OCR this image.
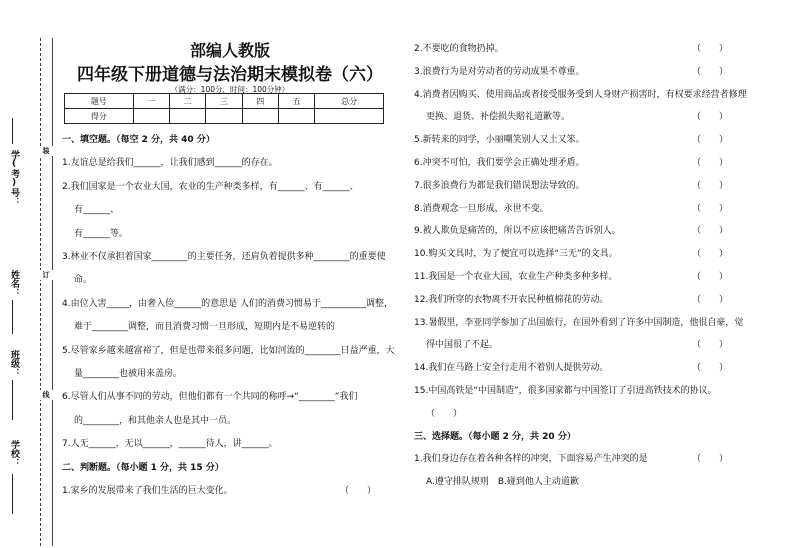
装
订
线
学(考)号：
姓名：
班级：
学校：
部编人教版
四年级下册道德与法治期末模拟卷（六）
（满分：100分，时间：100分钟）
题号	一	二	三	四	五	总分
得分						
一、填空题。（每空 2 分，共 40 分）
1.友谊总是给我们______，让我们感到______的存在。
2.我们国家是一个农业大国，农业的生产种类多样，有______、有______、
有______、
有______等。
3.林业不仅承担着国家________的主要任务，还肩负着提供多种________的重要使
命。
4.由位入害_____，由奢入俭______的意思是 人们的消费习惯易于__________调整，
难于________调整，而且消费习惯一旦形成，短期内是不易逆转的
5.尽管家乡越来越富裕了，但是也带来很多问题，比如河流的________日益严重，大
量________也被用来盖房。
6.尽管人们从事不同的劳动，但他们都有一个共同的称呼→“________”我们
的________，和其他亲人也是其中一员。
7.人无______，无以______，______待人，讲______。
二、判断题。（每小题 1 分，共 15 分）
1.家乡的发展带来了我们生活的巨大变化。	（　　）
2.不要吃的食物扔掉。	（　　）
3.浪费行为是对劳动者的劳动成果不尊重。	（　　）
4.消费者因购买、使用商品或者接受服务受到人身财产损害时，有权要求经营者修理
更换、退货、补偿损失赔礼道歉等。	（　　）
5.新转来的同学，小丽嘲笑别人又土又笨。	（　　）
6.冲突不可怕，我们要学会正确处理矛盾。	（　　）
7.很多浪费行为都是我们错误想法导致的。	（　　）
8.消费观念一旦形成，永世不变。	（　　）
9.被人欺负是痛苦的，所以不应该把痛苦告诉别人。	（　　）
10.购买文具时，为了便宜可以选择“三无”的文具。	（　　）
11.我国是一个农业大国，农业生产种类多种多样。	（　　）
12.我们所穿的衣物离不开农民种植棉花的劳动。	（　　）
13.暑假里，李亚同学参加了出国旅行，在国外看到了许多中国制造，他很自豪，觉
得中国很了不起。	（　　）
14.我们在马路上安全行走用不着别人提供劳动。	（　　）
15.中国高铁是“中国制造”，很多国家都与中国签订了引进高铁技术的协议。
（　　）
三、选择题。（每小题 2 分，共 20 分）
1.我们身边存在着各种各样的冲突，下面容易产生冲突的是	（　　）
A.遵守排队规则　B.碰到他人主动道歉
